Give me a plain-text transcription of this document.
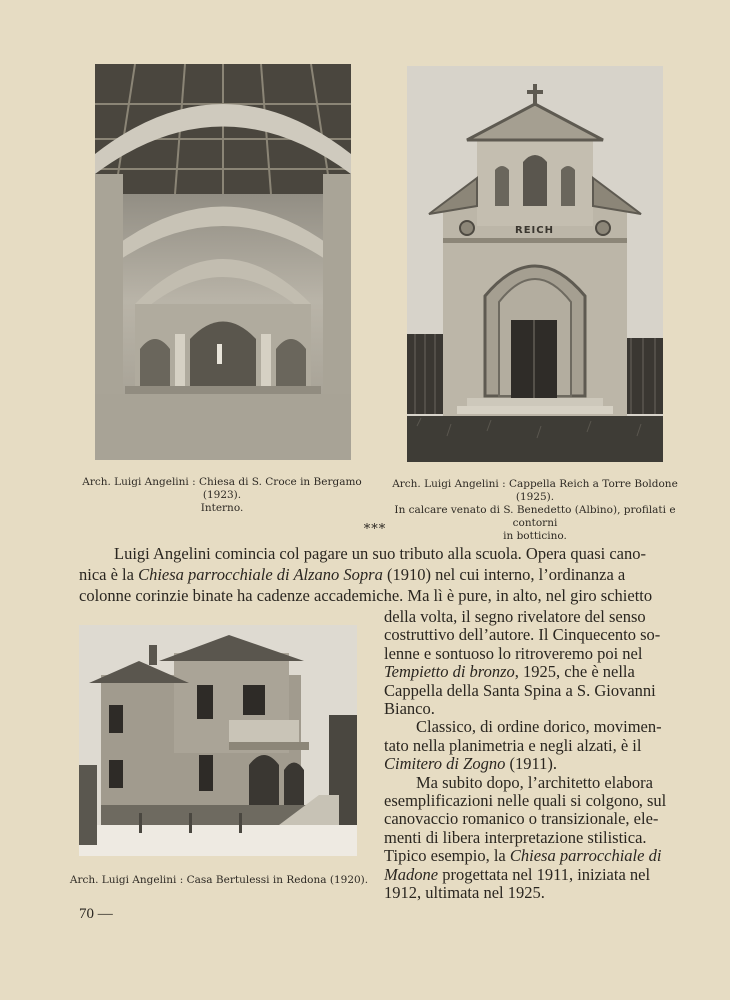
REICH
Arch. Luigi Angelini : Chiesa di S. Croce in Bergamo (1923).
Interno.
Arch. Luigi Angelini : Cappella Reich a Torre Boldone (1925).
In calcare venato di S. Benedetto (Albino), profilati e contorni
in botticino.
Arch. Luigi Angelini : Casa Bertulessi in Redona (1920).
***
Luigi Angelini comincia col pagare un suo tributo alla scuola. Opera quasi cano-
nica è la Chiesa parrocchiale di Alzano Sopra (1910) nel cui interno, l’ordinanza a
colonne corinzie binate ha cadenze accademiche. Ma lì è pure, in alto, nel giro schietto
della volta, il segno rivelatore del senso
costruttivo dell’autore. Il Cinquecento so-
lenne e sontuoso lo ritroveremo poi nel
Tempietto di bronzo, 1925, che è nella
Cappella della Santa Spina a S. Giovanni
Bianco.
Classico, di ordine dorico, movimen-
tato nella planimetria e negli alzati, è il
Cimitero di Zogno (1911).
Ma subito dopo, l’architetto elabora
esemplificazioni nelle quali si colgono, sul
canovaccio romanico o transizionale, ele-
menti di libera interpretazione stilistica.
Tipico esempio, la Chiesa parrocchiale di
Madone progettata nel 1911, iniziata nel
1912, ultimata nel 1925.
70 —
